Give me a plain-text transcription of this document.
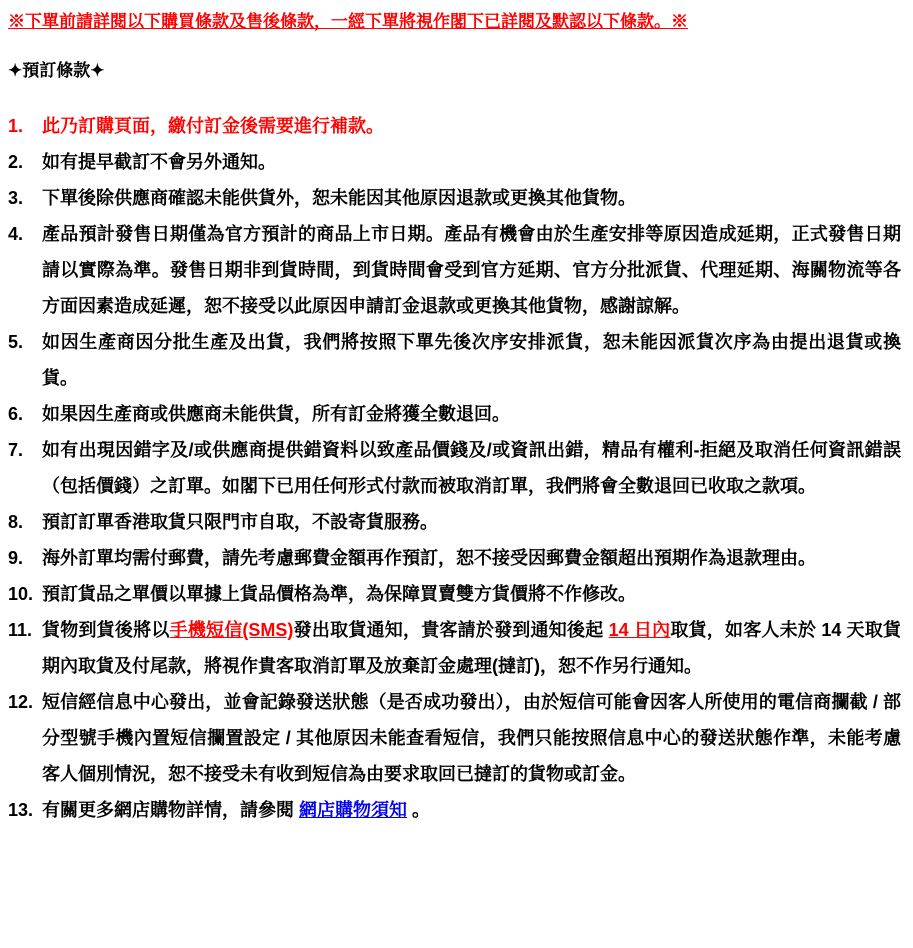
※下單前請詳閱以下購買條款及售後條款，一經下單將視作閣下已詳閱及默認以下條款。※
✦預訂條款✦
1.	此乃訂購頁面，繳付訂金後需要進行補款。
2.	如有提早截訂不會另外通知。
3.	下單後除供應商確認未能供貨外，恕未能因其他原因退款或更換其他貨物。
4.	產品預計發售日期僅為官方預計的商品上市日期。產品有機會由於生產安排等原因造成延期，正式發售日期請以實際為準。發售日期非到貨時間，到貨時間會受到官方延期、官方分批派貨、代理延期、海關物流等各方面因素造成延遲，恕不接受以此原因申請訂金退款或更換其他貨物，感謝諒解。
5.	如因生產商因分批生產及出貨，我們將按照下單先後次序安排派貨，恕未能因派貨次序為由提出退貨或換貨。
6.	如果因生產商或供應商未能供貨，所有訂金將獲全數退回。
7.	如有出現因錯字及/或供應商提供錯資料以致產品價錢及/或資訊出錯，精品有權利-拒絕及取消任何資訊錯誤（包括價錢）之訂單。如閣下已用任何形式付款而被取消訂單，我們將會全數退回已收取之款項。
8.	預訂訂單香港取貨只限門市自取，不設寄貨服務。
9.	海外訂單均需付郵費，請先考慮郵費金額再作預訂，恕不接受因郵費金額超出預期作為退款理由。
10. 預訂貨品之單價以單據上貨品價格為準，為保障買賣雙方貨價將不作修改。
11. 貨物到貨後將以手機短信(SMS)發出取貨通知，貴客請於發到通知後起 14 日內取貨，如客人未於 14 天取貨期內取貨及付尾款，將視作貴客取消訂單及放棄訂金處理(撻訂)，恕不作另行通知。
12. 短信經信息中心發出，並會記錄發送狀態（是否成功發出），由於短信可能會因客人所使用的電信商攔截 / 部分型號手機內置短信攔置設定 / 其他原因未能查看短信，我們只能按照信息中心的發送狀態作準，未能考慮客人個別情況，恕不接受未有收到短信為由要求取回已撻訂的貨物或訂金。
13. 有關更多網店購物詳情，請參閱 網店購物須知 。
